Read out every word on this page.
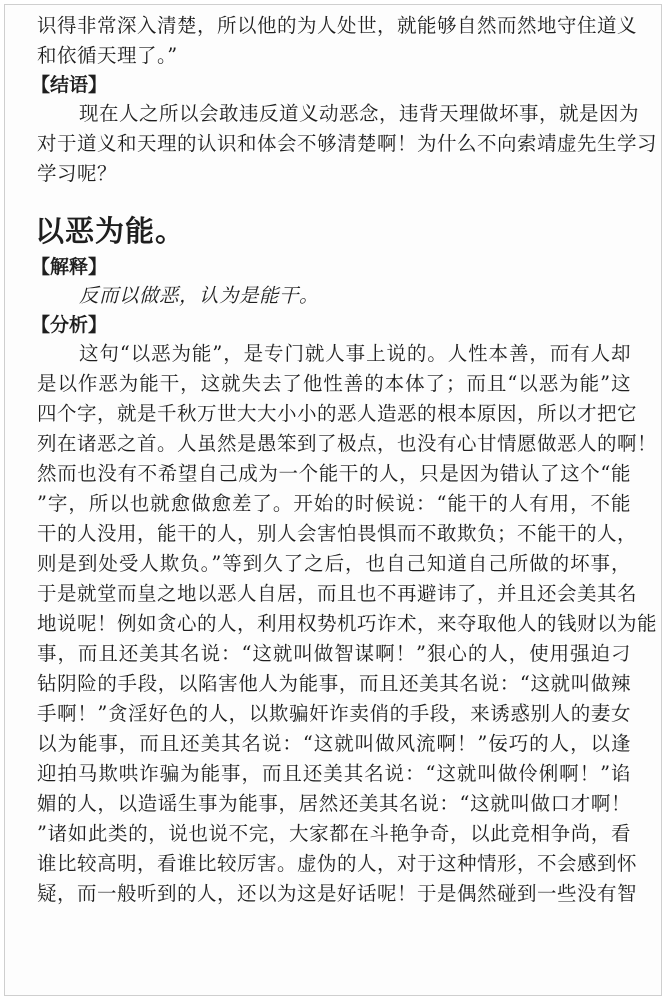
识得非常深入清楚，所以他的为人处世，就能够自然而然地守住道义

和依循天理了。”

【结语】

现在人之所以会敢违反道义动恶念，违背天理做坏事，就是因为

对于道义和天理的认识和体会不够清楚啊！为什么不向索靖虚先生学习

学习呢？

以恶为能。

【解释】

反而以做恶，认为是能干。

【分析】

这句“以恶为能”，是专门就人事上说的。人性本善，而有人却

是以作恶为能干，这就失去了他性善的本体了；而且“以恶为能”这

四个字，就是千秋万世大大小小的恶人造恶的根本原因，所以才把它

列在诸恶之首。人虽然是愚笨到了极点，也没有心甘情愿做恶人的啊！

然而也没有不希望自己成为一个能干的人，只是因为错认了这个“能

”字，所以也就愈做愈差了。开始的时候说：“能干的人有用，不能

干的人没用，能干的人，别人会害怕畏惧而不敢欺负；不能干的人，

则是到处受人欺负。”等到久了之后，也自己知道自己所做的坏事，

于是就堂而皇之地以恶人自居，而且也不再避讳了，并且还会美其名

地说呢！例如贪心的人，利用权势机巧诈术，来夺取他人的钱财以为能

事，而且还美其名说：“这就叫做智谋啊！”狠心的人，使用强迫刁

钻阴险的手段，以陷害他人为能事，而且还美其名说：“这就叫做辣

手啊！”贪淫好色的人，以欺骗奸诈卖俏的手段，来诱惑别人的妻女

以为能事，而且还美其名说：“这就叫做风流啊！”佞巧的人，以逢

迎拍马欺哄诈骗为能事，而且还美其名说：“这就叫做伶俐啊！”谄

媚的人，以造谣生事为能事，居然还美其名说：“这就叫做口才啊！

”诸如此类的，说也说不完，大家都在斗艳争奇，以此竞相争尚，看

谁比较高明，看谁比较厉害。虚伪的人，对于这种情形，不会感到怀

疑，而一般听到的人，还以为这是好话呢！于是偶然碰到一些没有智
